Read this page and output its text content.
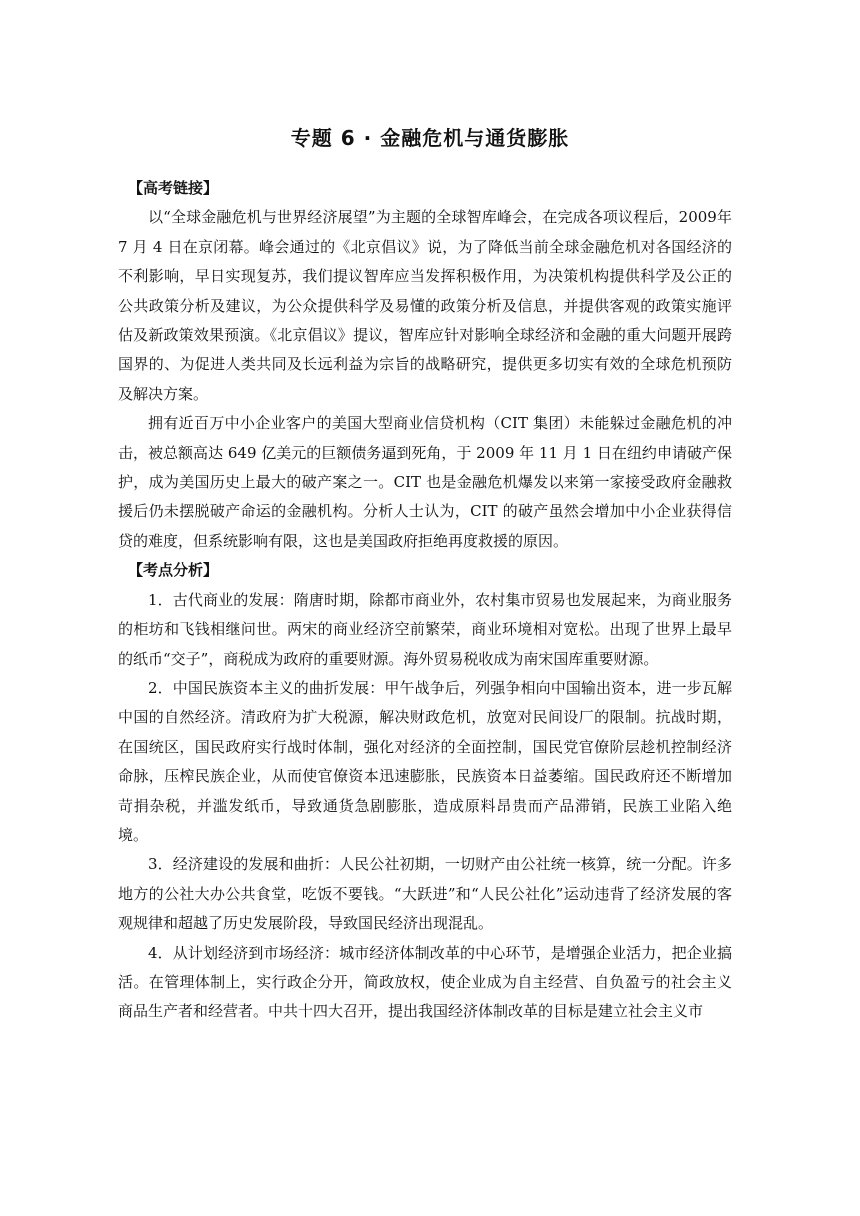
专题 6 · 金融危机与通货膨胀

【高考链接】

以“全球金融危机与世界经济展望”为主题的全球智库峰会，在完成各项议程后，2009年 7 月 4 日在京闭幕。峰会通过的《北京倡议》说，为了降低当前全球金融危机对各国经济的不利影响，早日实现复苏，我们提议智库应当发挥积极作用，为决策机构提供科学及公正的公共政策分析及建议，为公众提供科学及易懂的政策分析及信息，并提供客观的政策实施评估及新政策效果预演。《北京倡议》提议，智库应针对影响全球经济和金融的重大问题开展跨国界的、为促进人类共同及长远利益为宗旨的战略研究，提供更多切实有效的全球危机预防及解决方案。

拥有近百万中小企业客户的美国大型商业信贷机构（CIT 集团）未能躲过金融危机的冲击，被总额高达 649 亿美元的巨额债务逼到死角，于 2009 年 11 月 1 日在纽约申请破产保护，成为美国历史上最大的破产案之一。CIT 也是金融危机爆发以来第一家接受政府金融救援后仍未摆脱破产命运的金融机构。分析人士认为，CIT 的破产虽然会增加中小企业获得信贷的难度，但系统影响有限，这也是美国政府拒绝再度救援的原因。

【考点分析】

1．古代商业的发展：隋唐时期，除都市商业外，农村集市贸易也发展起来，为商业服务的柜坊和飞钱相继问世。两宋的商业经济空前繁荣，商业环境相对宽松。出现了世界上最早的纸币“交子”，商税成为政府的重要财源。海外贸易税收成为南宋国库重要财源。

2．中国民族资本主义的曲折发展：甲午战争后，列强争相向中国输出资本，进一步瓦解中国的自然经济。清政府为扩大税源，解决财政危机，放宽对民间设厂的限制。抗战时期，在国统区，国民政府实行战时体制，强化对经济的全面控制，国民党官僚阶层趁机控制经济命脉，压榨民族企业，从而使官僚资本迅速膨胀，民族资本日益萎缩。国民政府还不断增加苛捐杂税，并滥发纸币，导致通货急剧膨胀，造成原料昂贵而产品滞销，民族工业陷入绝境。

3．经济建设的发展和曲折：人民公社初期，一切财产由公社统一核算，统一分配。许多地方的公社大办公共食堂，吃饭不要钱。“大跃进”和“人民公社化”运动违背了经济发展的客观规律和超越了历史发展阶段，导致国民经济出现混乱。

4．从计划经济到市场经济：城市经济体制改革的中心环节，是增强企业活力，把企业搞活。在管理体制上，实行政企分开，简政放权，使企业成为自主经营、自负盈亏的社会主义商品生产者和经营者。中共十四大召开，提出我国经济体制改革的目标是建立社会主义市
